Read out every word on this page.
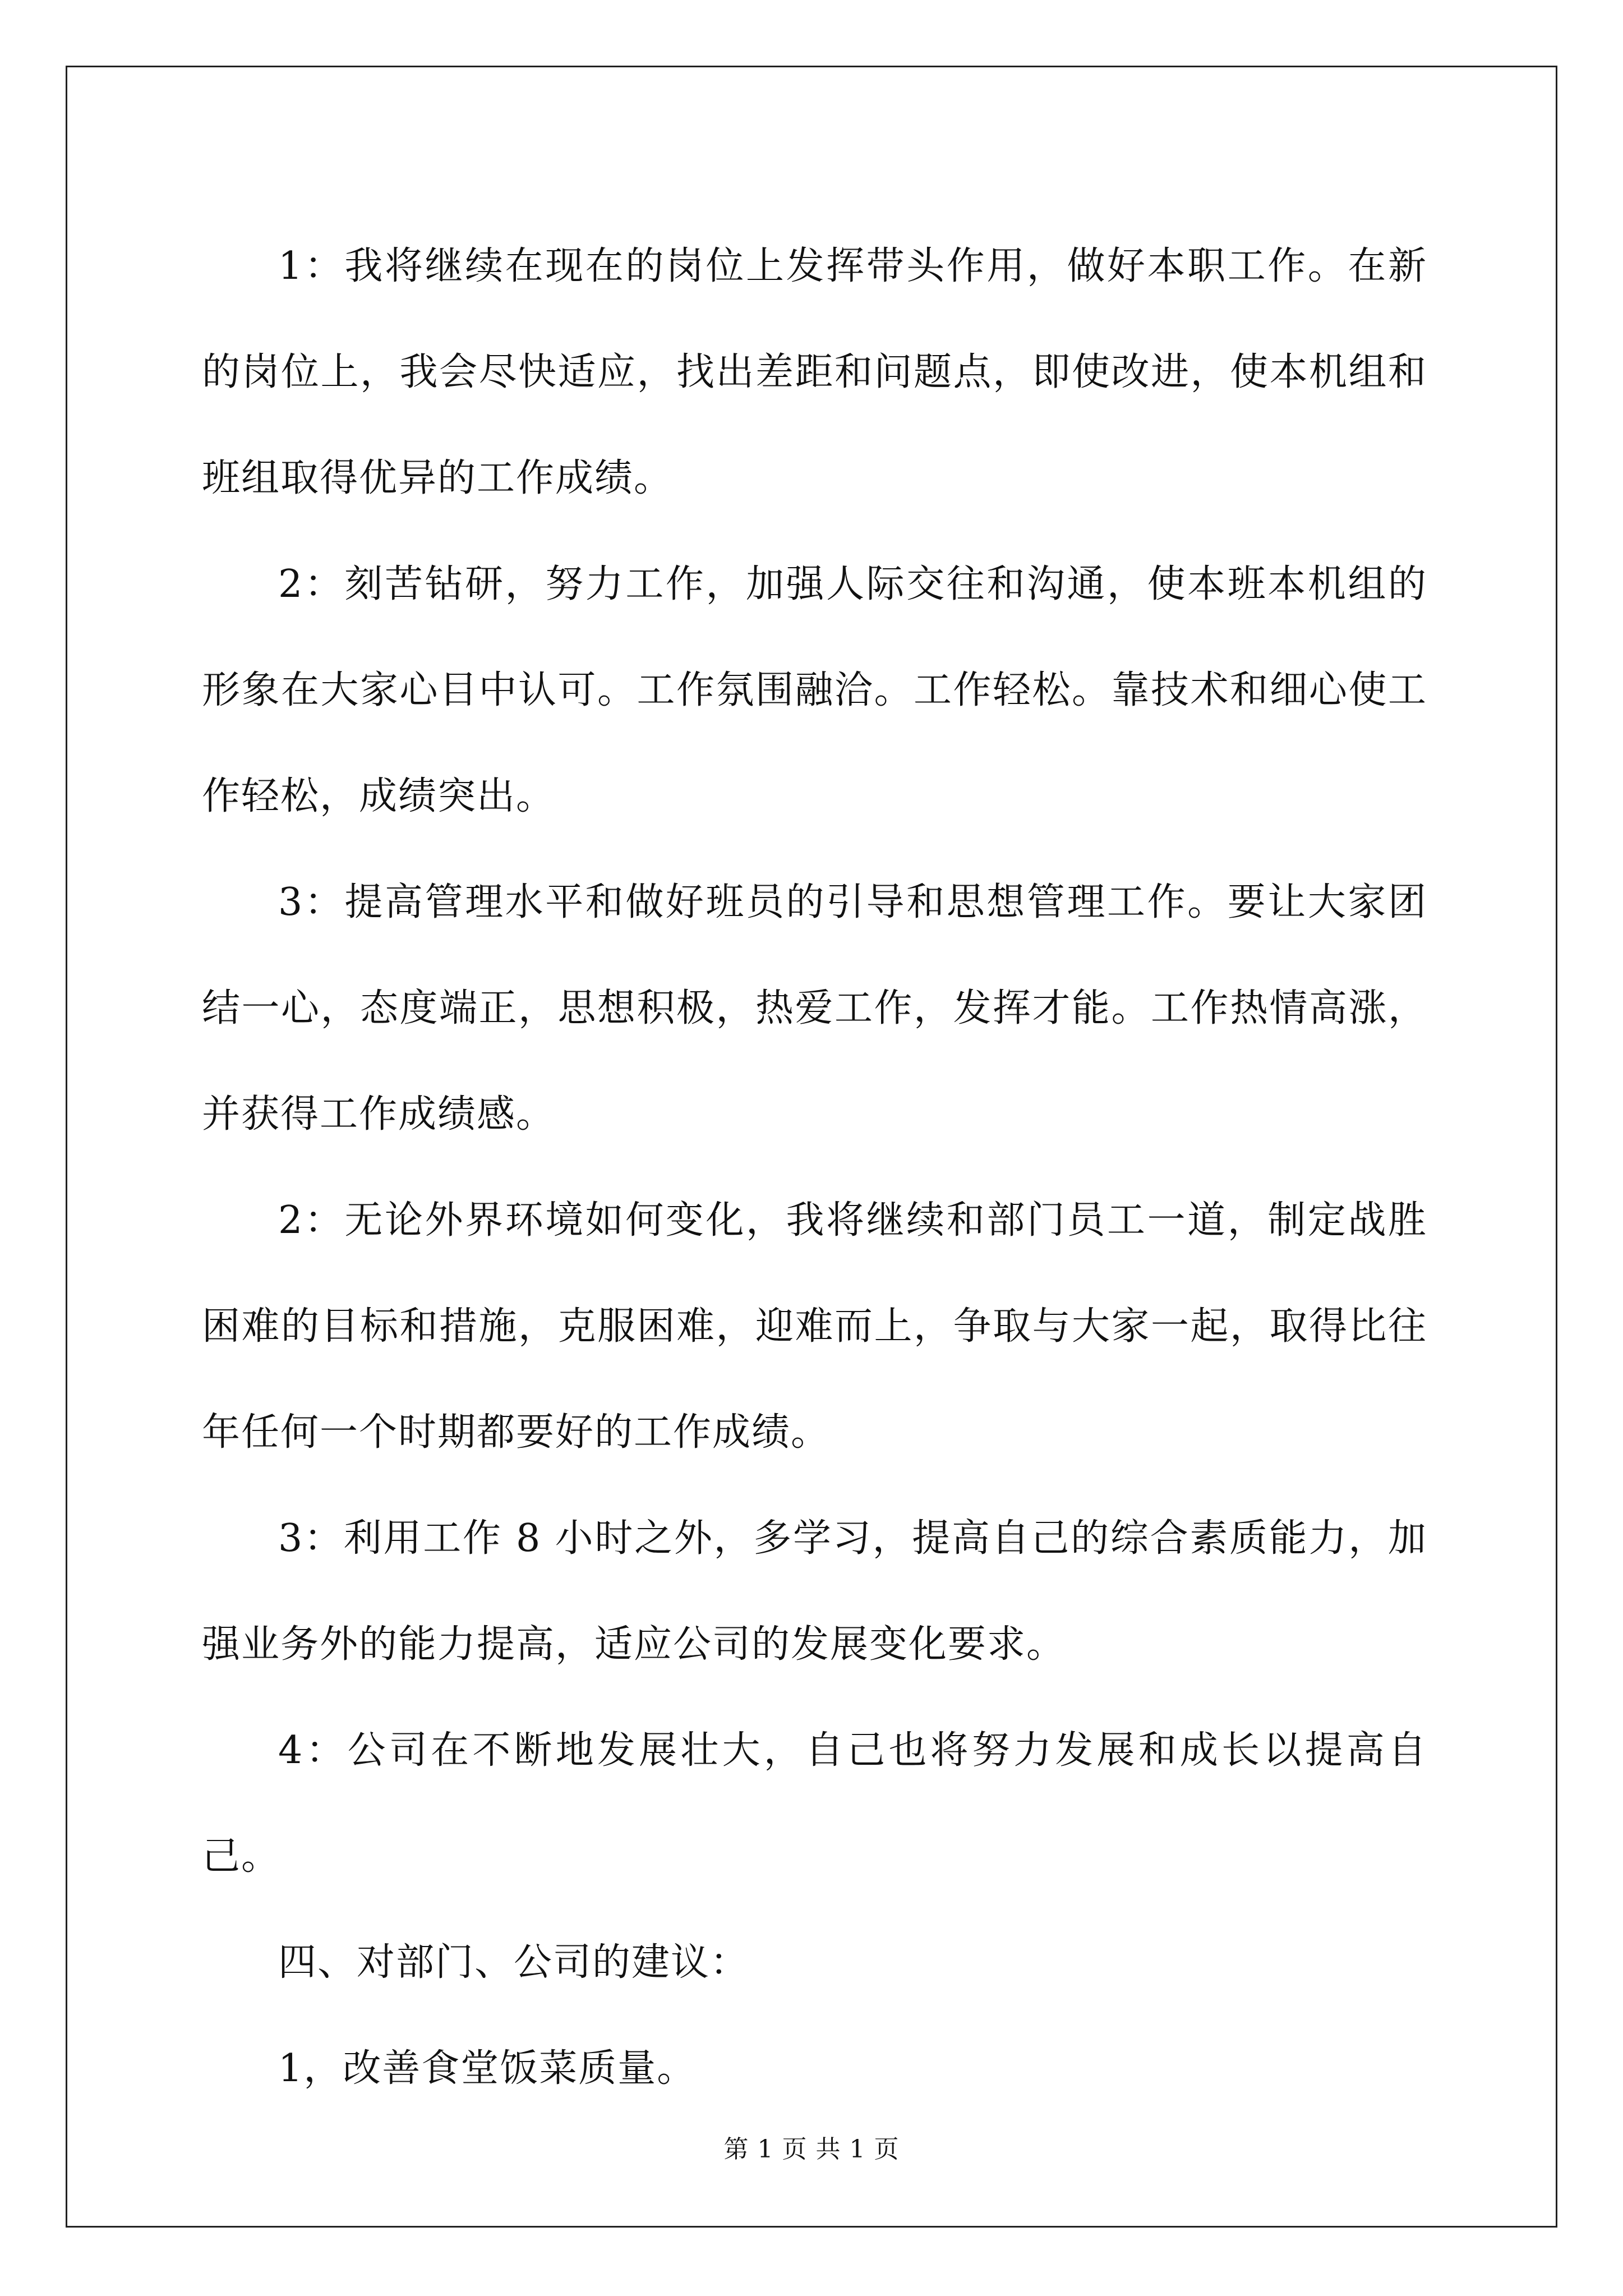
1：我将继续在现在的岗位上发挥带头作用，做好本职工作。在新的岗位上，我会尽快适应，找出差距和问题点，即使改进，使本机组和班组取得优异的工作成绩。

2：刻苦钻研，努力工作，加强人际交往和沟通，使本班本机组的形象在大家心目中认可。工作氛围融洽。工作轻松。靠技术和细心使工作轻松，成绩突出。

3：提高管理水平和做好班员的引导和思想管理工作。要让大家团结一心，态度端正，思想积极，热爱工作，发挥才能。工作热情高涨，并获得工作成绩感。

2：无论外界环境如何变化，我将继续和部门员工一道，制定战胜困难的目标和措施，克服困难，迎难而上，争取与大家一起，取得比往年任何一个时期都要好的工作成绩。

3：利用工作 8 小时之外，多学习，提高自己的综合素质能力，加强业务外的能力提高，适应公司的发展变化要求。

4：公司在不断地发展壮大，自己也将努力发展和成长以提高自己。

四、对部门、公司的建议：

1，改善食堂饭菜质量。

第 1 页 共 1 页
